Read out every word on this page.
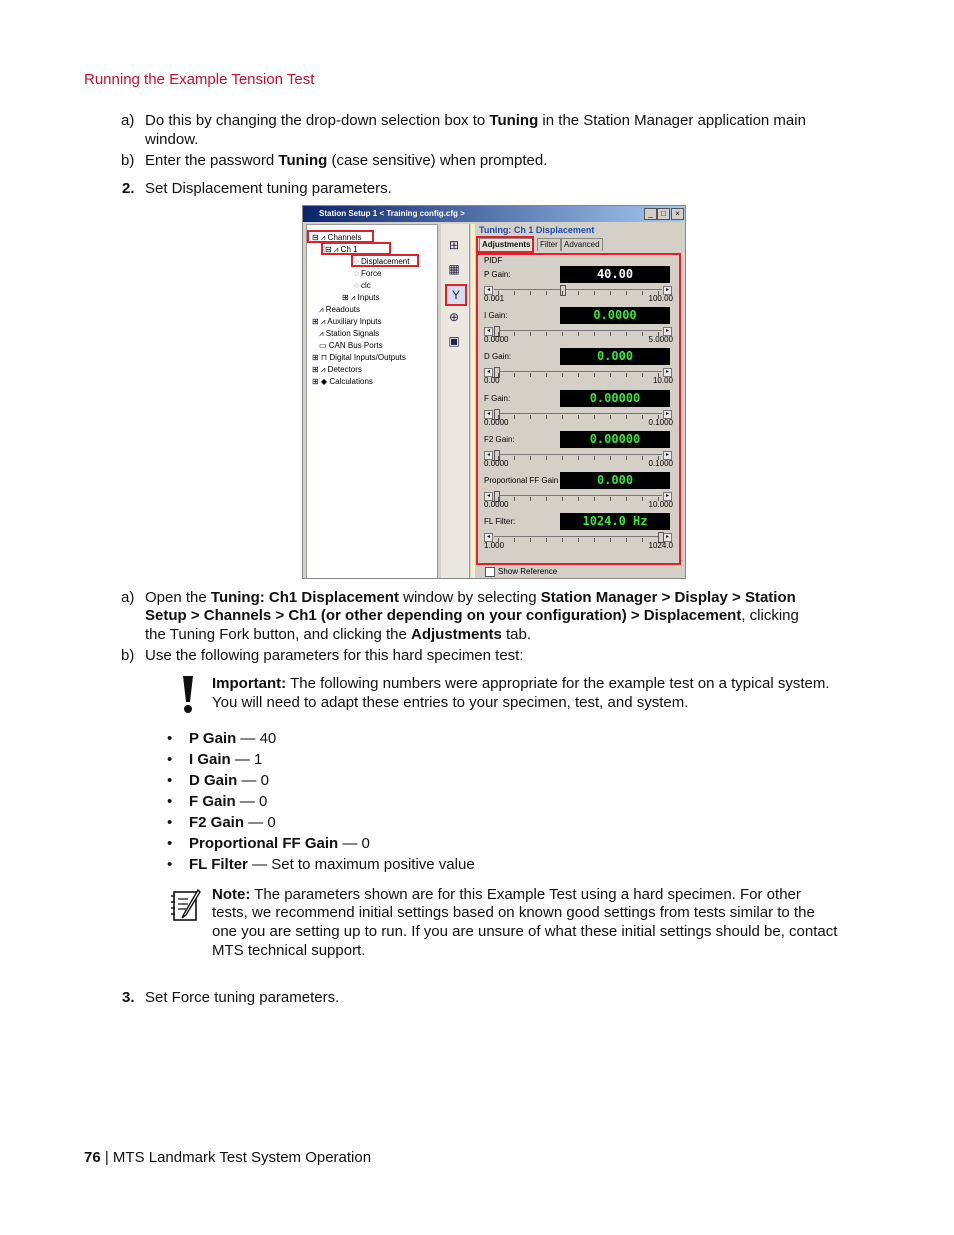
Running the Example Tension Test
a) Do this by changing the drop-down selection box to Tuning in the Station Manager application main
window.
b) Enter the password Tuning (case sensitive) when prompted.
2. Set Displacement tuning parameters.
Station Setup 1 < Training config.cfg >	_	□	×
⊟ ⩘ Channels
⊟ ⩘ Ch 1
◌ Displacement
◌ Force
◌ clc
⊞ ⩘ Inputs
⩘ Readouts
⊞ ⩘ Auxiliary Inputs
⩘ Station Signals
▭ CAN Bus Ports
⊞ ⊓ Digital Inputs/Outputs
⊞ ⩘ Detectors
⊞ ◆ Calculations
⊞
▦
Y
⊕
▣
Tuning: Ch 1 Displacement
Adjustments	Filter Advanced
PIDF
P Gain:	40.00
◂	▸
0.001	100.00
I Gain:	0.0000
◂	▸
0.0000	5.0000
D Gain:	0.000
◂	▸
0.00	10.00
F Gain:	0.00000
◂	▸
0.0000	0.1000
F2 Gain:	0.00000
◂	▸
0.0000	0.1000
Proportional FF Gain	0.000
◂	▸
0.0000	10.000
FL Filter:	1024.0 Hz
◂	▸
1.000	1024.0
Show Reference
a) Open the Tuning: Ch1 Displacement window by selecting Station Manager > Display > Station
Setup > Channels > Ch1 (or other depending on your configuration) > Displacement, clicking
the Tuning Fork button, and clicking the Adjustments tab.
b) Use the following parameters for this hard specimen test:
Important: The following numbers were appropriate for the example test on a typical system.
You will need to adapt these entries to your specimen, test, and system.
• P Gain — 40
• I Gain — 1
• D Gain — 0
• F Gain — 0
• F2 Gain — 0
• Proportional FF Gain — 0
• FL Filter — Set to maximum positive value
Note: The parameters shown are for this Example Test using a hard specimen. For other
tests, we recommend initial settings based on known good settings from tests similar to the
one you are setting up to run. If you are unsure of what these initial settings should be, contact
MTS technical support.
3. Set Force tuning parameters.
76 | MTS Landmark Test System Operation
